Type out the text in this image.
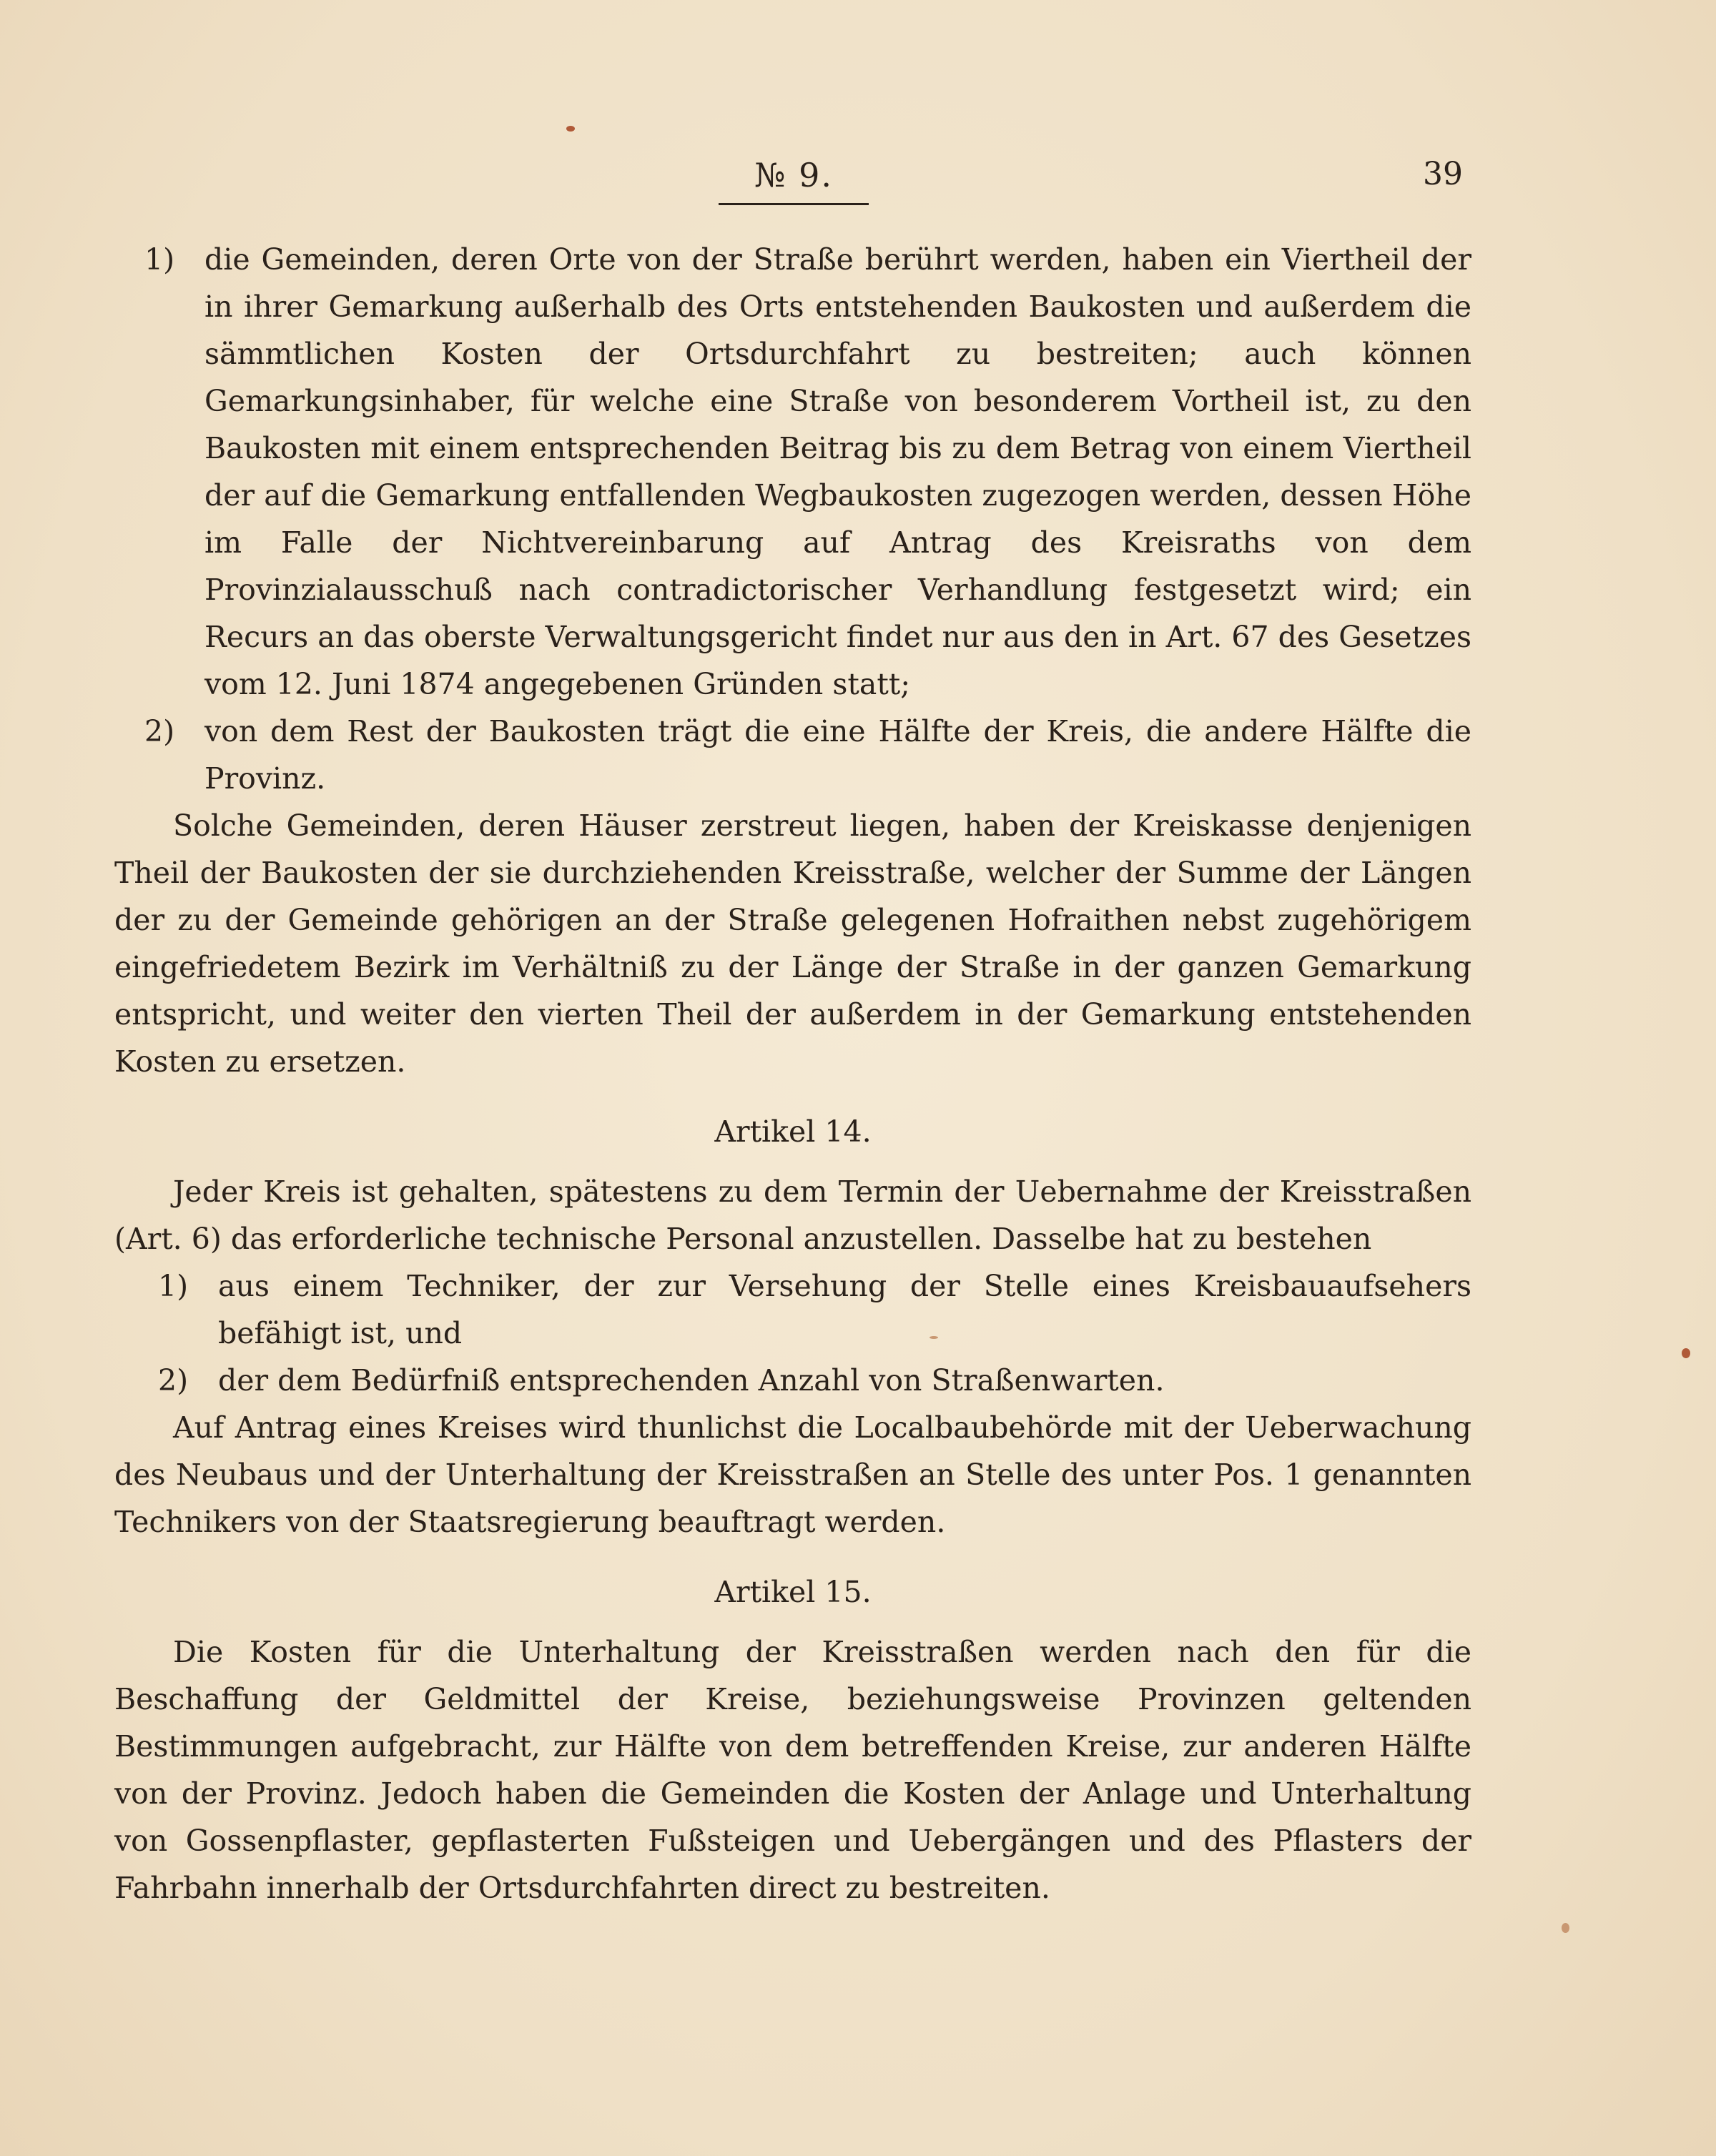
№ 9.	39
1)	die Gemeinden, deren Orte von der Straße berührt werden, haben ein Viertheil der in ihrer Gemarkung außerhalb des Orts entstehenden Baukosten und außerdem die sämmtlichen Kosten der Ortsdurchfahrt zu bestreiten; auch können Gemarkungsinhaber, für welche eine Straße von besonderem Vortheil ist, zu den Baukosten mit einem entsprechenden Beitrag bis zu dem Betrag von einem Viertheil der auf die Gemarkung entfallenden Wegbaukosten zugezogen werden, dessen Höhe im Falle der Nichtvereinbarung auf Antrag des Kreisraths von dem Provinzialausschuß nach contradictorischer Verhandlung festgesetzt wird; ein Recurs an das oberste Verwaltungsgericht findet nur aus den in Art. 67 des Gesetzes vom 12. Juni 1874 angegebenen Gründen statt;
2)	von dem Rest der Baukosten trägt die eine Hälfte der Kreis, die andere Hälfte die Provinz.

Solche Gemeinden, deren Häuser zerstreut liegen, haben der Kreiskasse denjenigen Theil der Baukosten der sie durchziehenden Kreisstraße, welcher der Summe der Längen der zu der Gemeinde gehörigen an der Straße gelegenen Hofraithen nebst zugehörigem eingefriedetem Bezirk im Verhältniß zu der Länge der Straße in der ganzen Gemarkung entspricht, und weiter den vierten Theil der außerdem in der Gemarkung entstehenden Kosten zu ersetzen.

Artikel 14.

Jeder Kreis ist gehalten, spätestens zu dem Termin der Uebernahme der Kreisstraßen (Art. 6) das erforderliche technische Personal anzustellen. Dasselbe hat zu bestehen

1)	aus einem Techniker, der zur Versehung der Stelle eines Kreisbauaufsehers befähigt ist, und
2)	der dem Bedürfniß entsprechenden Anzahl von Straßenwarten.

Auf Antrag eines Kreises wird thunlichst die Localbaubehörde mit der Ueberwachung des Neubaus und der Unterhaltung der Kreisstraßen an Stelle des unter Pos. 1 genannten Technikers von der Staatsregierung beauftragt werden.

Artikel 15.

Die Kosten für die Unterhaltung der Kreisstraßen werden nach den für die Beschaffung der Geldmittel der Kreise, beziehungsweise Provinzen geltenden Bestimmungen aufgebracht, zur Hälfte von dem betreffenden Kreise, zur anderen Hälfte von der Provinz. Jedoch haben die Gemeinden die Kosten der Anlage und Unterhaltung von Gossenpflaster, gepflasterten Fußsteigen und Uebergängen und des Pflasters der Fahrbahn innerhalb der Ortsdurchfahrten direct zu bestreiten.
